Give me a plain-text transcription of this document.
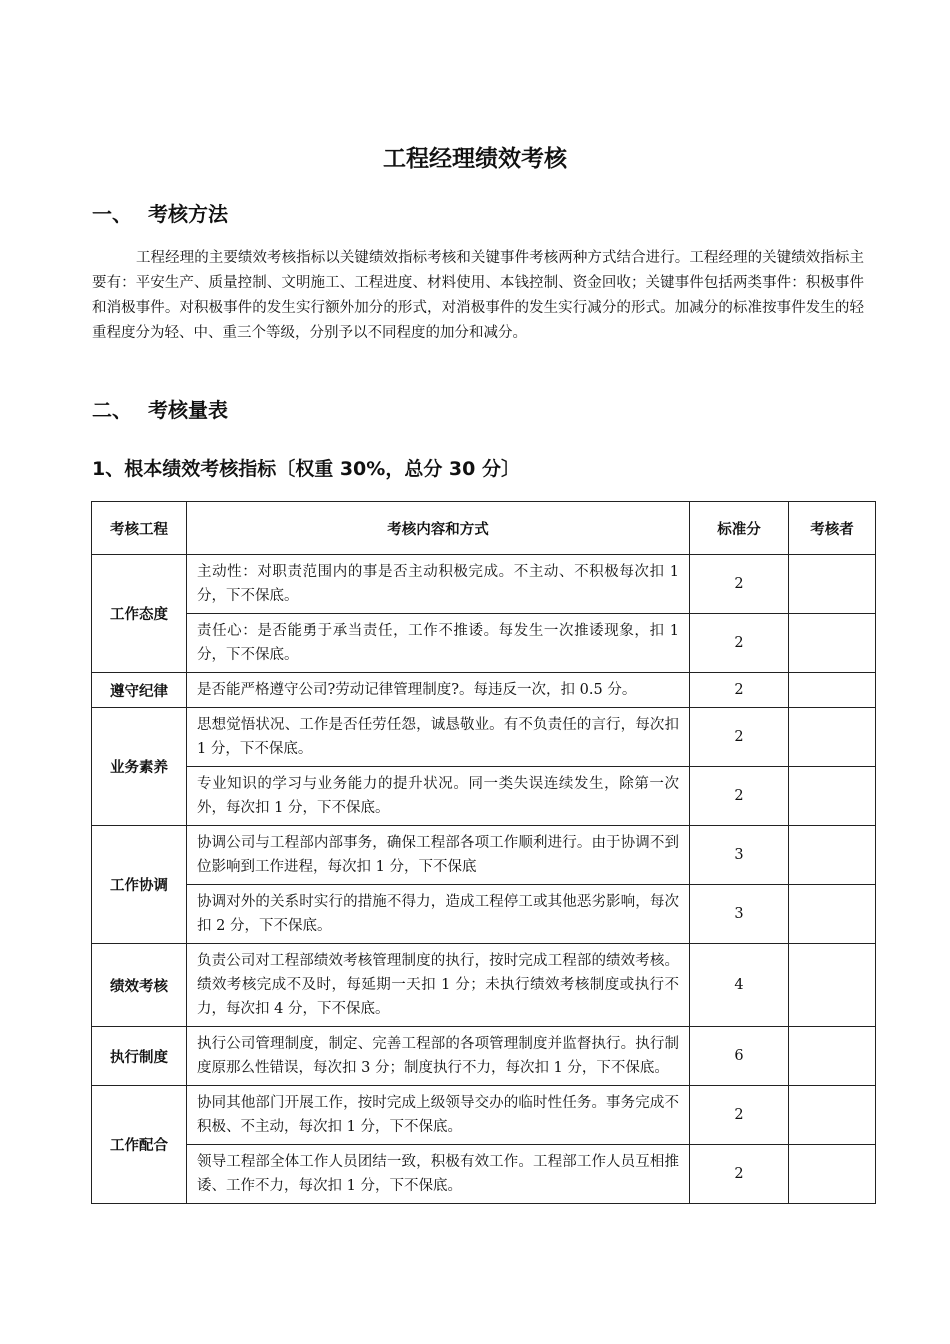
工程经理绩效考核
一、 考核方法
工程经理的主要绩效考核指标以关键绩效指标考核和关键事件考核两种方式结合进行。工程经理的关键绩效指标主要有：平安生产、质量控制、文明施工、工程进度、材料使用、本钱控制、资金回收；关键事件包括两类事件：积极事件和消极事件。对积极事件的发生实行额外加分的形式，对消极事件的发生实行减分的形式。加减分的标准按事件发生的轻重程度分为轻、中、重三个等级，分别予以不同程度的加分和减分。
二、 考核量表
1、根本绩效考核指标〔权重 30%，总分 30 分〕
考核工程	考核内容和方式	标准分	考核者
工作态度	主动性：对职责范围内的事是否主动积极完成。不主动、不积极每次扣 1 分，下不保底。	2	
	责任心：是否能勇于承当责任，工作不推诿。每发生一次推诿现象，扣 1 分，下不保底。	2	
遵守纪律	是否能严格遵守公司?劳动记律管理制度?。每违反一次，扣 0.5 分。	2	
业务素养	思想觉悟状况、工作是否任劳任怨，诚恳敬业。有不负责任的言行，每次扣 1 分，下不保底。	2	
	专业知识的学习与业务能力的提升状况。同一类失误连续发生，除第一次外，每次扣 1 分，下不保底。	2	
工作协调	协调公司与工程部内部事务，确保工程部各项工作顺利进行。由于协调不到位影响到工作进程，每次扣 1 分，下不保底	3	
	协调对外的关系时实行的措施不得力，造成工程停工或其他恶劣影响，每次扣 2 分，下不保底。	3	
绩效考核	负责公司对工程部绩效考核管理制度的执行，按时完成工程部的绩效考核。绩效考核完成不及时，每延期一天扣 1 分；未执行绩效考核制度或执行不力，每次扣 4 分，下不保底。	4	
执行制度	执行公司管理制度，制定、完善工程部的各项管理制度并监督执行。执行制度原那么性错误，每次扣 3 分；制度执行不力，每次扣 1 分，下不保底。	6	
工作配合	协同其他部门开展工作，按时完成上级领导交办的临时性任务。事务完成不积极、不主动，每次扣 1 分，下不保底。	2	
	领导工程部全体工作人员团结一致，积极有效工作。工程部工作人员互相推诿、工作不力，每次扣 1 分，下不保底。	2	
